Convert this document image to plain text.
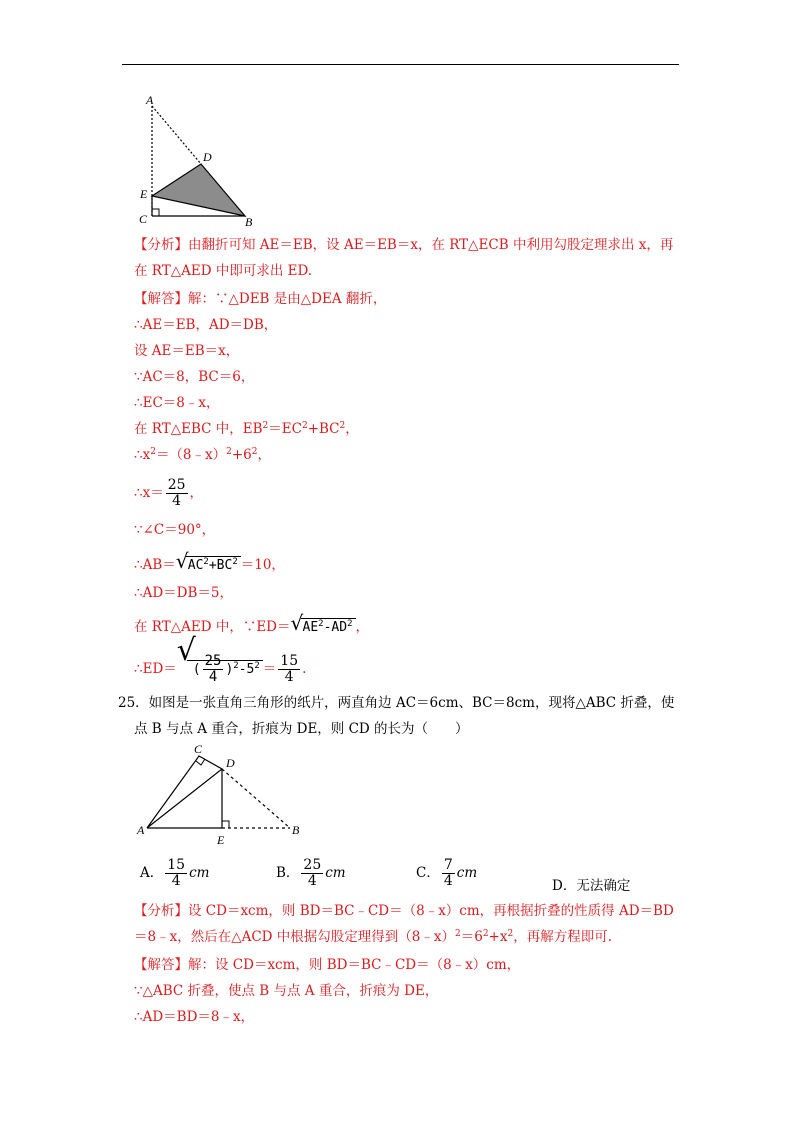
A
D
E
C	B
【分析】由翻折可知 AE＝EB，设 AE＝EB＝x，在 RT△ECB 中利用勾股定理求出 x，再
在 RT△AED 中即可求出 ED.
【解答】解：∵△DEB 是由△DEA 翻折，
∴AE＝EB，AD＝DB，
设 AE＝EB＝x，
∵AC＝8，BC＝6，
∴EC＝8﹣x，
在 RT△EBC 中，$EB^2=EC^2+BC^2$，
$\therefore x^2=(8﹣x)^2+6^2$，
∴x＝ $\frac{25}{4}$ ，
∵∠C＝90°，
∴AB＝ √ $AC^2+BC^2 =10$，
∴AD＝DB＝5，
在 RT△AED 中，∵ED＝ √ $AE^2-AD^2$ ，
∴ED＝
√
( $\frac{25}{4} )^2-5^2 = \frac{15}{4}$ .
25．如图是一张直角三角形的纸片，两直角边 AC＝6cm、BC＝8cm，现将△ABC 折叠，使
点 B 与点 A 重合，折痕为 DE，则 CD 的长为（　　）
C
D
A
E
B
A． $\frac{15}{4}$ cm	B． $\frac{25}{4}$ cm	C． $\frac{7}{4}$ cm
D．无法确定
【分析】设 CD＝xcm，则 BD＝BC﹣CD＝（8﹣x）cm，再根据折叠的性质得 AD＝BD
＝8﹣x，然后在△ACD 中根据勾股定理得到$(8﹣x)^2=6^2+x^2$，再解方程即可.
【解答】解：设 CD＝xcm，则 BD＝BC﹣CD＝（8﹣x）cm，
∵△ABC 折叠，使点 B 与点 A 重合，折痕为 DE，
∴AD＝BD＝8﹣x，
